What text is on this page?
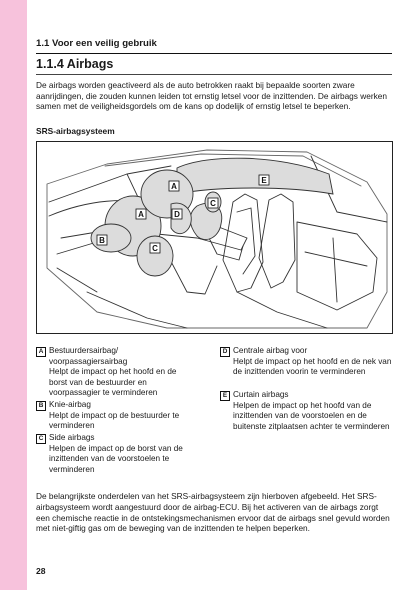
1.1 Voor een veilig gebruik
1.1.4 Airbags
De airbags worden geactiveerd als de auto betrokken raakt bij bepaalde soorten zware aanrijdingen, die zouden kunnen leiden tot ernstig letsel voor de inzittenden. De airbags werken samen met de veiligheidsgordels om de kans op dodelijk of ernstig letsel te beperken.
SRS-airbagsysteem
A
A	D
B
C
C
E
A Bestuurdersairbag/ voorpassagiersairbag
Helpt de impact op het hoofd en de borst van de bestuurder en voorpassagier te verminderen
B Knie-airbag
Helpt de impact op de bestuurder te verminderen
C Side airbags
Helpen de impact op de borst van de inzittenden van de voorstoelen te verminderen
D Centrale airbag voor
Helpt de impact op het hoofd en de nek van de inzittenden voorin te verminderen
E Curtain airbags
Helpen de impact op het hoofd van de inzittenden van de voorstoelen en de buitenste zitplaatsen achter te verminderen
De belangrijkste onderdelen van het SRS-airbagsysteem zijn hierboven afgebeeld. Het SRS-airbagsysteem wordt aangestuurd door de airbag-ECU. Bij het activeren van de airbags zorgt een chemische reactie in de ontstekingsmechanismen ervoor dat de airbags snel gevuld worden met niet-giftig gas om de beweging van de inzittenden te helpen beperken.
28
